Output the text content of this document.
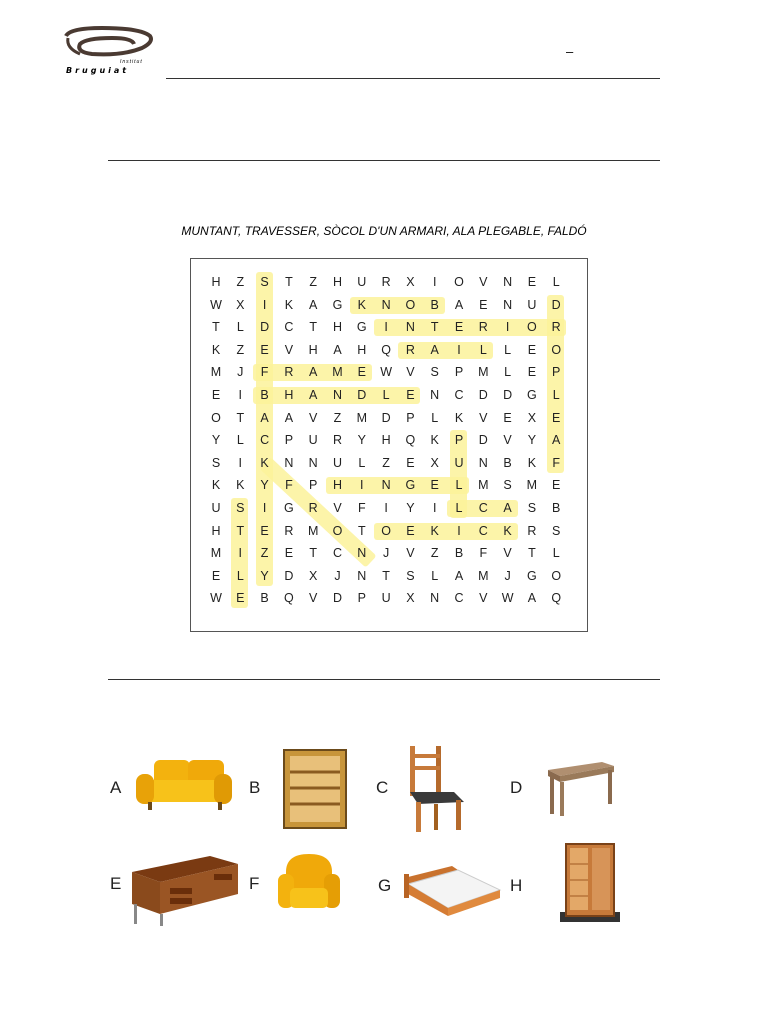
Institut
Bruguiat
–
MUNTANT, TRAVESSER, SÒCOL D'UN ARMARI, ALA PLEGABLE, FALDÓ
H	Z	S	T	Z	H	U	R	X	I	O	V	N	E	L
W	X	I	K	A	G	K	N	O	B	A	E	N	U	D
T	L	D	C	T	H	G	I	N	T	E	R	I	O	R
K	Z	E	V	H	A	H	Q	R	A	I	L	L	E	O
M	J	F	R	A	M	E	W	V	S	P	M	L	E	P
E	I	B	H	A	N	D	L	E	N	C	D	D	G	L
O	T	A	A	V	Z	M	D	P	L	K	V	E	X	E
Y	L	C	P	U	R	Y	H	Q	K	P	D	V	Y	A
S	I	K	N	N	U	L	Z	E	X	U	N	B	K	F
K	K	Y	F	P	H	I	N	G	E	L	M	S	M	E
U	S	I	G	R	V	F	I	Y	I	L	C	A	S	B
H	T	E	R	M	O	T	O	E	K	I	C	K	R	S
M	I	Z	E	T	C	N	J	V	Z	B	F	V	T	L
E	L	Y	D	X	J	N	T	S	L	A	M	J	G	O
W	E	B	Q	V	D	P	U	X	N	C	V	W	A	Q
A	B	C	D
E	F	G	H
